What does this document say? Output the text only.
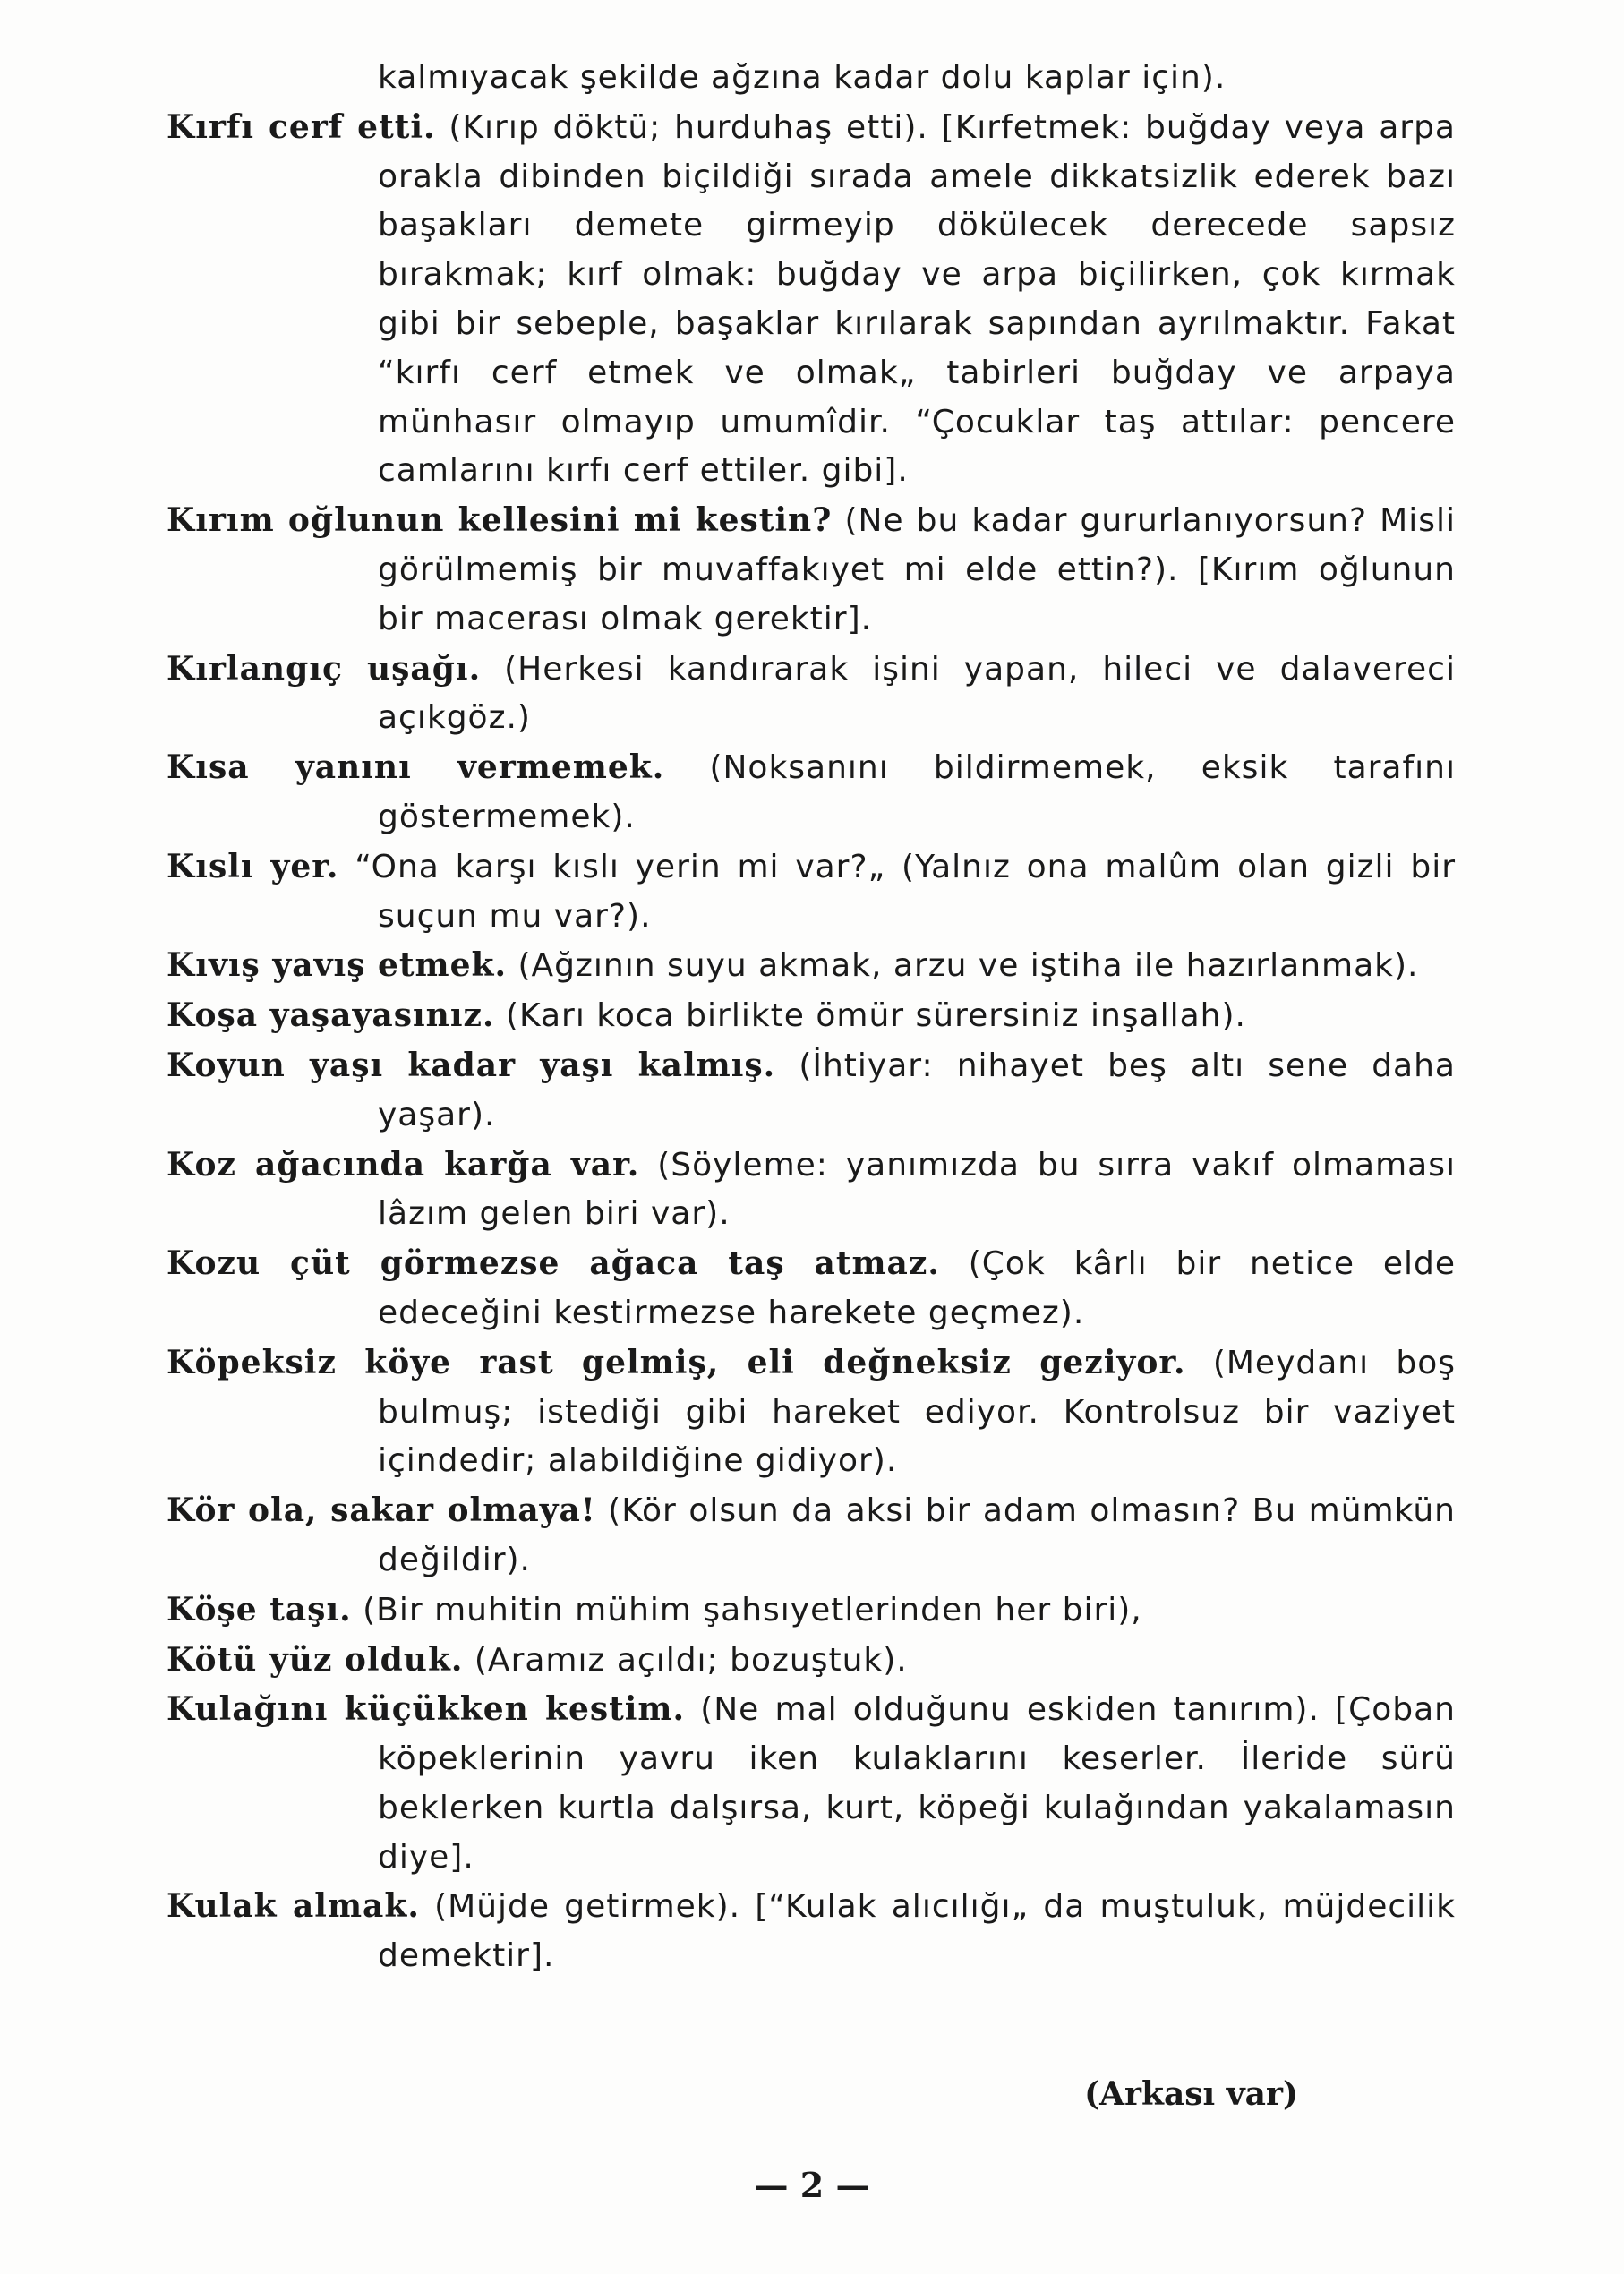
kalmıyacak şekilde ağzına kadar dolu kaplar için).

Kırfı cerf etti. (Kırıp döktü; hurduhaş etti). [Kırfetmek: buğday veya arpa orakla dibinden biçildiği sırada amele dikkatsizlik ederek bazı başakları demete girmeyip dökülecek derecede sapsız bırakmak; kırf olmak: buğday ve arpa biçilirken, çok kırmak gibi bir sebeple, başaklar kırılarak sapından ayrılmaktır. Fakat “kırfı cerf etmek ve olmak„ tabirleri buğday ve arpaya münhasır olmayıp umumîdir. “Çocuklar taş attılar: pencere camlarını kırfı cerf ettiler. gibi].

Kırım oğlunun kellesini mi kestin? (Ne bu kadar gururlanıyorsun? Misli görülmemiş bir muvaffakıyet mi elde ettin?). [Kırım oğlunun bir macerası olmak gerektir].

Kırlangıç uşağı. (Herkesi kandırarak işini yapan, hileci ve dalavereci açıkgöz.)

Kısa yanını vermemek. (Noksanını bildirmemek, eksik tarafını göstermemek).

Kıslı yer. “Ona karşı kıslı yerin mi var?„ (Yalnız ona malûm olan gizli bir suçun mu var?).

Kıvış yavış etmek. (Ağzının suyu akmak, arzu ve iştiha ile hazırlanmak).

Koşa yaşayasınız. (Karı koca birlikte ömür sürersiniz inşallah).

Koyun yaşı kadar yaşı kalmış. (İhtiyar: nihayet beş altı sene daha yaşar).

Koz ağacında karğa var. (Söyleme: yanımızda bu sırra vakıf olmaması lâzım gelen biri var).

Kozu çüt görmezse ağaca taş atmaz. (Çok kârlı bir netice elde edeceğini kestirmezse harekete geçmez).

Köpeksiz köye rast gelmiş, eli değneksiz geziyor. (Meydanı boş bulmuş; istediği gibi hareket ediyor. Kontrolsuz bir vaziyet içindedir; alabildiğine gidiyor).

Kör ola, sakar olmaya! (Kör olsun da aksi bir adam olmasın? Bu mümkün değildir).

Köşe taşı. (Bir muhitin mühim şahsıyetlerinden her biri),

Kötü yüz olduk. (Aramız açıldı; bozuştuk).

Kulağını küçükken kestim. (Ne mal olduğunu eskiden tanırım). [Çoban köpeklerinin yavru iken kulaklarını keserler. İleride sürü beklerken kurtla dalşırsa, kurt, köpeği kulağından yakalamasın diye].

Kulak almak. (Müjde getirmek). [“Kulak alıcılığı„ da muştuluk, müjdecilik demektir].

(Arkası var)
— 2 —
